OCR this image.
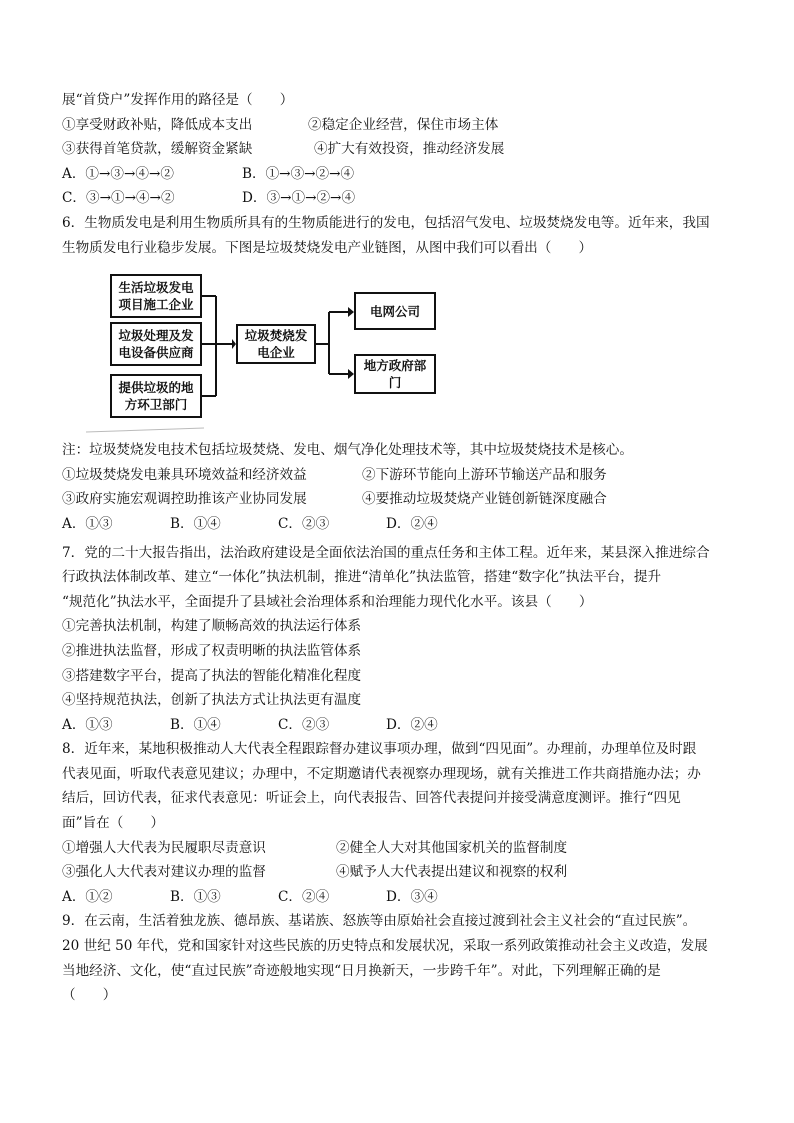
展“首贷户”发挥作用的路径是（　　）
①享受财政补贴，降低成本支出	②稳定企业经营，保住市场主体
③获得首笔贷款，缓解资金紧缺	④扩大有效投资，推动经济发展
A．①→③→④→②	B．①→③→②→④
C．③→①→④→②	D．③→①→②→④
6．生物质发电是利用生物质所具有的生物质能进行的发电，包括沼气发电、垃圾焚烧发电等。近年来，我国
生物质发电行业稳步发展。下图是垃圾焚烧发电产业链图，从图中我们可以看出（　　）
生活垃圾发电项目施工企业
垃圾处理及发电设备供应商
提供垃圾的地方环卫部门
垃圾焚烧发电企业
电网公司
地方政府部门
注：垃圾焚烧发电技术包括垃圾焚烧、发电、烟气净化处理技术等，其中垃圾焚烧技术是核心。
①垃圾焚烧发电兼具环境效益和经济效益	②下游环节能向上游环节输送产品和服务
③政府实施宏观调控助推该产业协同发展	④要推动垃圾焚烧产业链创新链深度融合
A．①③	B．①④	C．②③	D．②④
7．党的二十大报告指出，法治政府建设是全面依法治国的重点任务和主体工程。近年来，某县深入推进综合
行政执法体制改革、建立“一体化”执法机制，推进“清单化”执法监管，搭建“数字化”执法平台，提升
“规范化”执法水平，全面提升了县域社会治理体系和治理能力现代化水平。该县（　　）
①完善执法机制，构建了顺畅高效的执法运行体系
②推进执法监督，形成了权责明晰的执法监管体系
③搭建数字平台，提高了执法的智能化精准化程度
④坚持规范执法，创新了执法方式让执法更有温度
A．①③	B．①④	C．②③	D．②④
8．近年来，某地积极推动人大代表全程跟踪督办建议事项办理，做到“四见面”。办理前，办理单位及时跟
代表见面，听取代表意见建议；办理中，不定期邀请代表视察办理现场，就有关推进工作共商措施办法；办
结后，回访代表，征求代表意见：听证会上，向代表报告、回答代表提问并接受满意度测评。推行“四见
面”旨在（　　）
①增强人大代表为民履职尽责意识	②健全人大对其他国家机关的监督制度
③强化人大代表对建议办理的监督	④赋予人大代表提出建议和视察的权利
A．①②	B．①③	C．②④	D．③④
9．在云南，生活着独龙族、德昂族、基诺族、怒族等由原始社会直接过渡到社会主义社会的“直过民族”。
20 世纪 50 年代，党和国家针对这些民族的历史特点和发展状况，采取一系列政策推动社会主义改造，发展
当地经济、文化，使“直过民族”奇迹般地实现“日月换新天，一步跨千年”。对此，下列理解正确的是
（　　）
